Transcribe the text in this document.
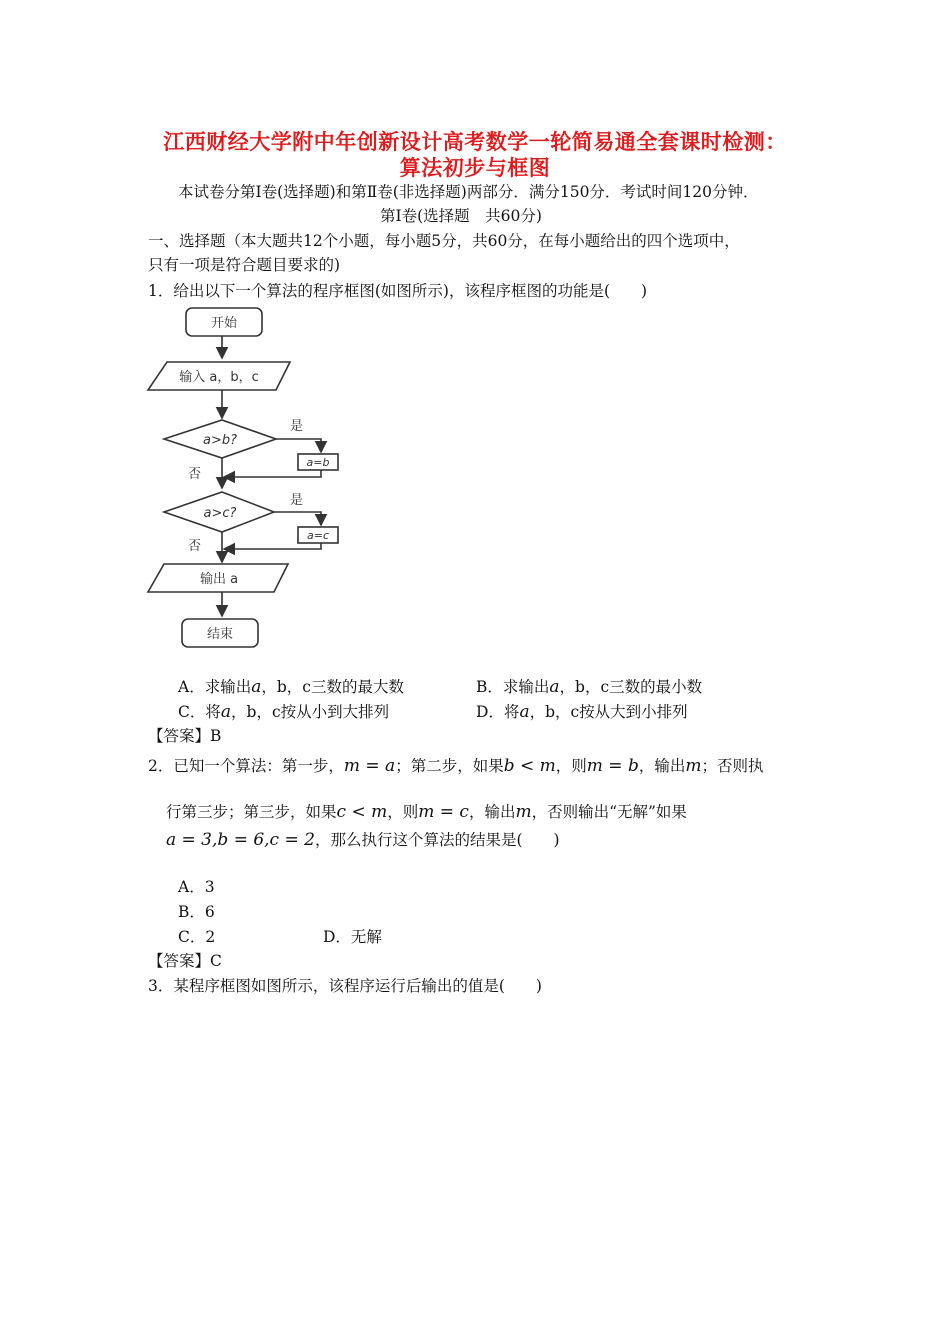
江西财经大学附中年创新设计高考数学一轮简易通全套课时检测：
算法初步与框图
本试卷分第Ⅰ卷(选择题)和第Ⅱ卷(非选择题)两部分．满分150分．考试时间120分钟．
第Ⅰ卷(选择题　共60分)
一、选择题（本大题共12个小题，每小题5分，共60分，在每小题给出的四个选项中，
只有一项是符合题目要求的)
1．给出以下一个算法的程序框图(如图所示)，该程序框图的功能是(　　)
开始
输入 a，b，c
a>b?
是
a=b
否
a>c?
是
a=c
否
输出 a
结束
A．求输出a，b，c三数的最大数	B．求输出a，b，c三数的最小数
C．将a，b，c按从小到大排列	D．将a，b，c按从大到小排列
【答案】B
2．已知一个算法：第一步，m = a；第二步，如果b < m，则m = b，输出m；否则执
行第三步；第三步，如果c < m，则m = c，输出m，否则输出“无解”如果
a = 3,b = 6,c = 2，那么执行这个算法的结果是(　　)
A．3
B．6
C．2	D．无解
【答案】C
3．某程序框图如图所示，该程序运行后输出的值是(　　)
